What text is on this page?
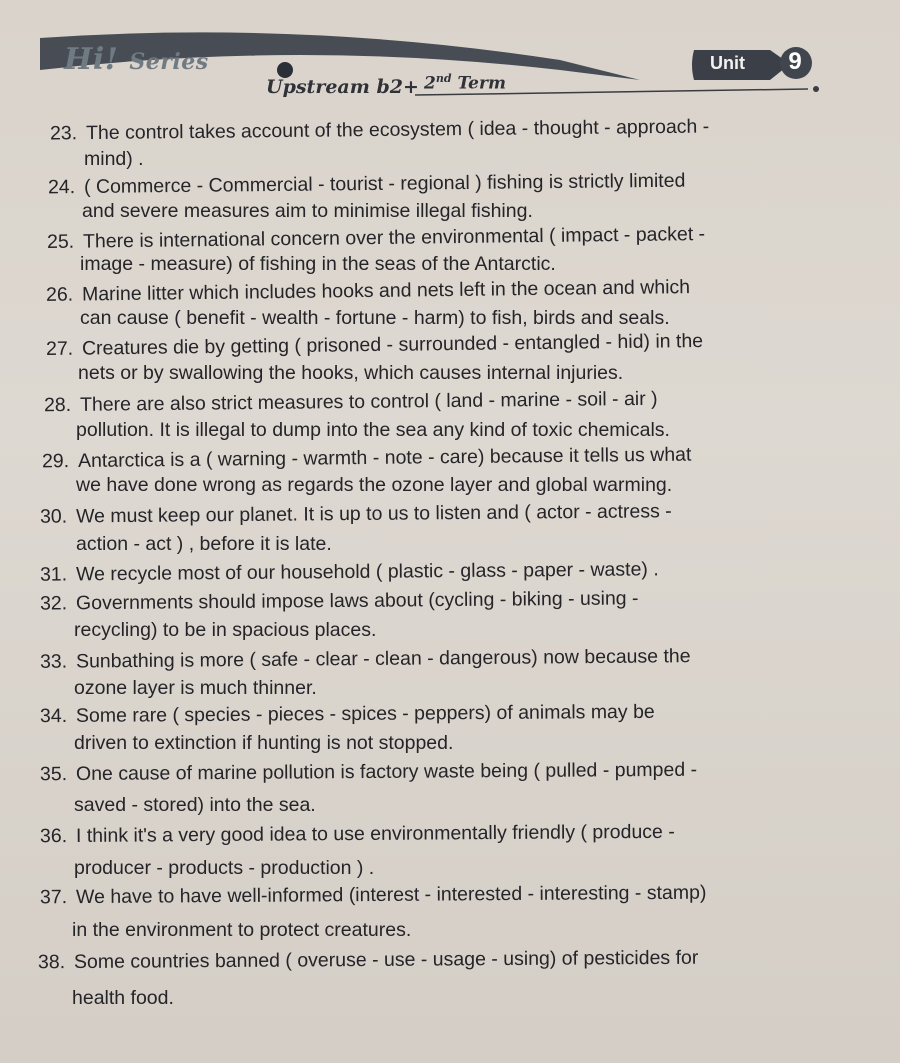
Hi! Series
Upstream b2+ 2nd Term
Unit 9
23. The control takes account of the ecosystem ( idea - thought - approach -
mind) .
24. ( Commerce - Commercial - tourist - regional ) fishing is strictly limited
and severe measures aim to minimise illegal fishing.
25. There is international concern over the environmental ( impact - packet -
image - measure) of fishing in the seas of the Antarctic.
26. Marine litter which includes hooks and nets left in the ocean and which
can cause ( benefit - wealth - fortune - harm) to fish, birds and seals.
27. Creatures die by getting ( prisoned - surrounded - entangled - hid) in the
nets or by swallowing the hooks, which causes internal injuries.
28. There are also strict measures to control ( land - marine - soil - air )
pollution. It is illegal to dump into the sea any kind of toxic chemicals.
29. Antarctica is a ( warning - warmth - note - care) because it tells us what
we have done wrong as regards the ozone layer and global warming.
30. We must keep our planet. It is up to us to listen and ( actor - actress -
action - act ) , before it is late.
31. We recycle most of our household ( plastic - glass - paper - waste) .
32. Governments should impose laws about (cycling - biking - using -
recycling) to be in spacious places.
33. Sunbathing is more ( safe - clear - clean - dangerous) now because the
ozone layer is much thinner.
34. Some rare ( species - pieces - spices - peppers) of animals may be
driven to extinction if hunting is not stopped.
35. One cause of marine pollution is factory waste being ( pulled - pumped -
saved - stored) into the sea.
36. I think it's a very good idea to use environmentally friendly ( produce -
producer - products - production ) .
37. We have to have well-informed (interest - interested - interesting - stamp)
in the environment to protect creatures.
38. Some countries banned ( overuse - use - usage - using) of pesticides for
health food.
